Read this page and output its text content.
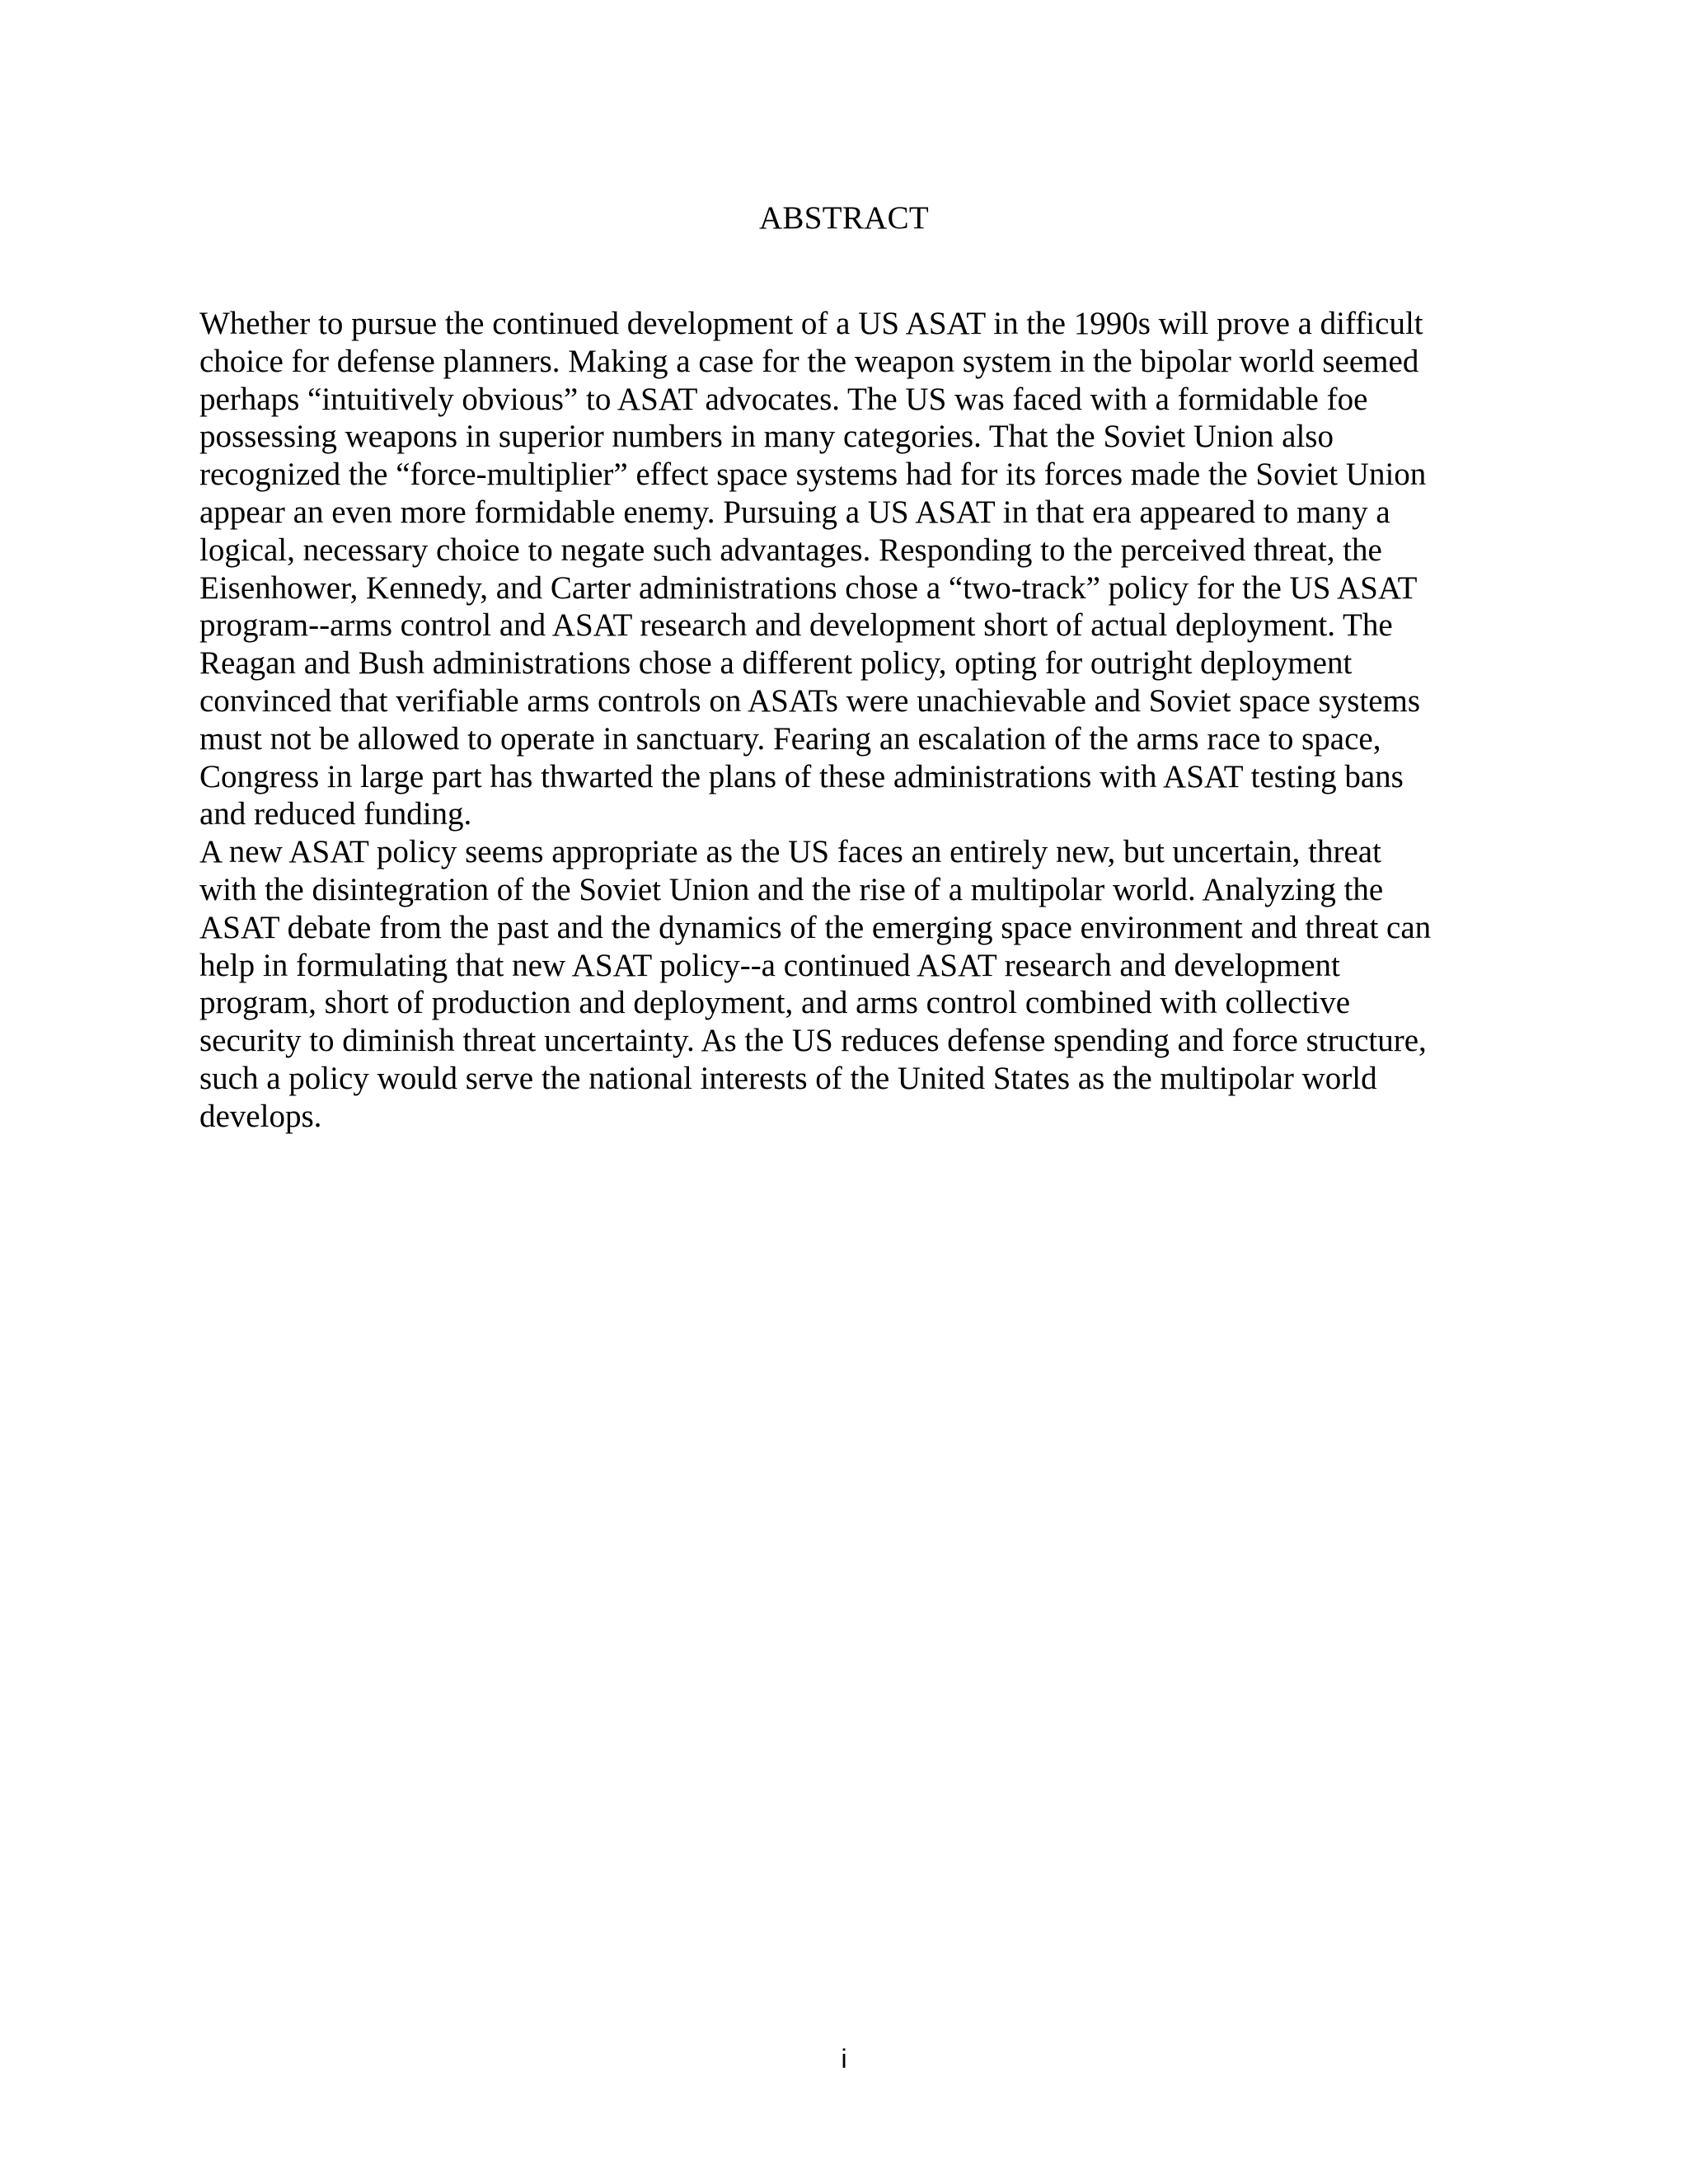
ABSTRACT
Whether to pursue the continued development of a US ASAT in the 1990s will prove a difficult
choice for defense planners. Making a case for the weapon system in the bipolar world seemed
perhaps “intuitively obvious” to ASAT advocates. The US was faced with a formidable foe
possessing weapons in superior numbers in many categories. That the Soviet Union also
recognized the “force-multiplier” effect space systems had for its forces made the Soviet Union
appear an even more formidable enemy. Pursuing a US ASAT in that era appeared to many a
logical, necessary choice to negate such advantages. Responding to the perceived threat, the
Eisenhower, Kennedy, and Carter administrations chose a “two-track” policy for the US ASAT
program--arms control and ASAT research and development short of actual deployment. The
Reagan and Bush administrations chose a different policy, opting for outright deployment
convinced that verifiable arms controls on ASATs were unachievable and Soviet space systems
must not be allowed to operate in sanctuary. Fearing an escalation of the arms race to space,
Congress in large part has thwarted the plans of these administrations with ASAT testing bans
and reduced funding.
A new ASAT policy seems appropriate as the US faces an entirely new, but uncertain, threat
with the disintegration of the Soviet Union and the rise of a multipolar world. Analyzing the
ASAT debate from the past and the dynamics of the emerging space environment and threat can
help in formulating that new ASAT policy--a continued ASAT research and development
program, short of production and deployment, and arms control combined with collective
security to diminish threat uncertainty. As the US reduces defense spending and force structure,
such a policy would serve the national interests of the United States as the multipolar world
develops.
i
